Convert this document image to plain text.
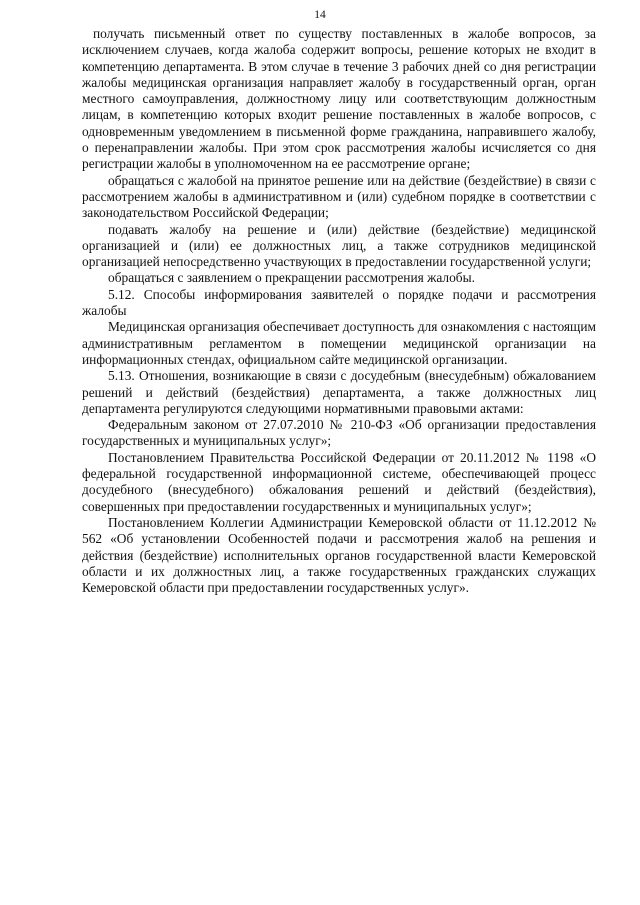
14

получать письменный ответ по существу поставленных в жалобе вопросов, за исключением случаев, когда жалоба содержит вопросы, решение которых не входит в компетенцию департамента. В этом случае в течение 3 рабочих дней со дня регистрации жалобы медицинская организация направляет жалобу в государственный орган, орган местного самоуправления, должностному лицу или соответствующим должностным лицам, в компетенцию которых входит решение поставленных в жалобе вопросов, с одновременным уведомлением в письменной форме гражданина, направившего жалобу, о перенаправлении жалобы. При этом срок рассмотрения жалобы исчисляется со дня регистрации жалобы в уполномоченном на ее рассмотрение органе;

обращаться с жалобой на принятое решение или на действие (бездействие) в связи с рассмотрением жалобы в административном и (или) судебном порядке в соответствии с законодательством Российской Федерации;

подавать жалобу на решение и (или) действие (бездействие) медицинской организацией и (или) ее должностных лиц, а также сотрудников медицинской организацией непосредственно участвующих в предоставлении государственной услуги;

обращаться с заявлением о прекращении рассмотрения жалобы.

5.12. Способы информирования заявителей о порядке подачи и рассмотрения жалобы

Медицинская организация обеспечивает доступность для ознакомления с настоящим административным регламентом в помещении медицинской организации на информационных стендах, официальном сайте медицинской организации.

5.13. Отношения, возникающие в связи с досудебным (внесудебным) обжалованием решений и действий (бездействия) департамента, а также должностных лиц департамента регулируются следующими нормативными правовыми актами:

Федеральным законом от 27.07.2010 № 210-ФЗ «Об организации предоставления государственных и муниципальных услуг»;

Постановлением Правительства Российской Федерации от 20.11.2012 № 1198 «О федеральной государственной информационной системе, обеспечивающей процесс досудебного (внесудебного) обжалования решений и действий (бездействия), совершенных при предоставлении государственных и муниципальных услуг»;

Постановлением Коллегии Администрации Кемеровской области от 11.12.2012 № 562 «Об установлении Особенностей подачи и рассмотрения жалоб на решения и действия (бездействие) исполнительных органов государственной власти Кемеровской области и их должностных лиц, а также государственных гражданских служащих Кемеровской области при предоставлении государственных услуг».
